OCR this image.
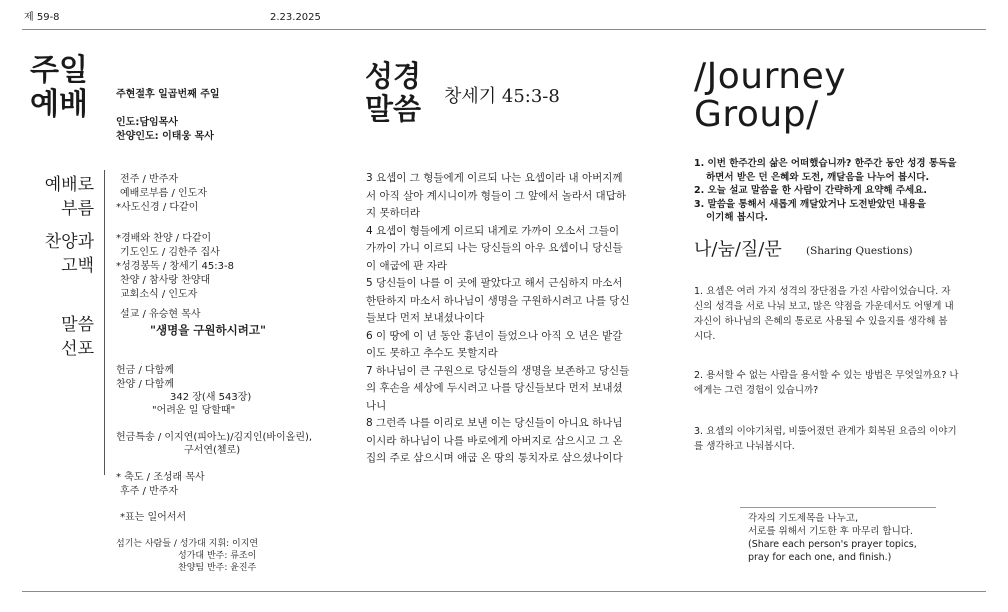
제 59-8	2.23.2025
주일
예배	주현절후 일곱번째 주일
인도:담임목사
찬양인도: 이태웅 목사
예배로
부름
찬양과
고백
말씀
선포
전주 / 반주자
예배로부름 / 인도자
*사도신경 / 다같이
*경배와 찬양 / 다같이
기도인도 / 김한주 집사
*성경봉독 / 창세기 45:3-8
찬양 / 참사랑 찬양대
교회소식 / 인도자
설교 / 유승현 목사
"생명을 구원하시려고"
헌금 / 다함께
찬양 / 다함께
342 장(새 543장)
"어려운 일 당할때"
헌금특송 / 이지연(피아노)/김지인(바이올린),
구서연(첼로)
* 축도 / 조성래 목사
후주 / 반주자
*표는 일어서서
섬기는 사람들 / 성가대 지휘: 이지연
성가대 반주: 류조이
찬양팀 반주: 윤진주
성경
말씀 창세기 45:3-8

3 요셉이 그 형들에게 이르되 나는 요셉이라 내 아버지께서 아직 살아 계시니이까 형들이 그 앞에서 놀라서 대답하지 못하더라

4 요셉이 형들에게 이르되 내게로 가까이 오소서 그들이 가까이 가니 이르되 나는 당신들의 아우 요셉이니 당신들이 애굽에 판 자라

5 당신들이 나를 이 곳에 팔았다고 해서 근심하지 마소서 한탄하지 마소서 하나님이 생명을 구원하시려고 나를 당신들보다 먼저 보내셨나이다

6 이 땅에 이 년 동안 흉년이 들었으나 아직 오 년은 밭갈이도 못하고 추수도 못할지라

7 하나님이 큰 구원으로 당신들의 생명을 보존하고 당신들의 후손을 세상에 두시려고 나를 당신들보다 먼저 보내셨나니

8 그런즉 나를 이리로 보낸 이는 당신들이 아니요 하나님이시라 하나님이 나를 바로에게 아버지로 삼으시고 그 온 집의 주로 삼으시며 애굽 온 땅의 통치자로 삼으셨나이다

/Journey
Group/
1. 이번 한주간의 삶은 어떠했습니까? 한주간 동안 성경 통독을
하면서 받은 던 은혜와 도전, 깨달음을 나누어 봅시다.
2. 오늘 설교 말씀을 한 사람이 간략하게 요약해 주세요.
3. 말씀을 통해서 새롭게 깨달았거나 도전받았던 내용을
이기해 봅시다.
나/눔/질/문 (Sharing Questions)
1. 요셉은 여러 가지 성격의 장단점을 가진 사람이었습니다. 자
신의 성격을 서로 나눠 보고, 많은 약점을 가운데서도 어떻게 내
자신이 하나님의 은혜의 통로로 사용될 수 있을지를 생각해 봅
시다.
2. 용서할 수 없는 사람을 용서할 수 있는 방법은 무엇일까요? 나
에게는 그런 경험이 있습니까?
3. 요셉의 이야기처럼, 비뚤어졌던 관계가 회복된 요즘의 이야기
를 생각하고 나눠봅시다.
각자의 기도제목을 나누고,
서로를 위해서 기도한 후 마무리 합니다.
(Share each person's prayer topics,
pray for each one, and finish.)
